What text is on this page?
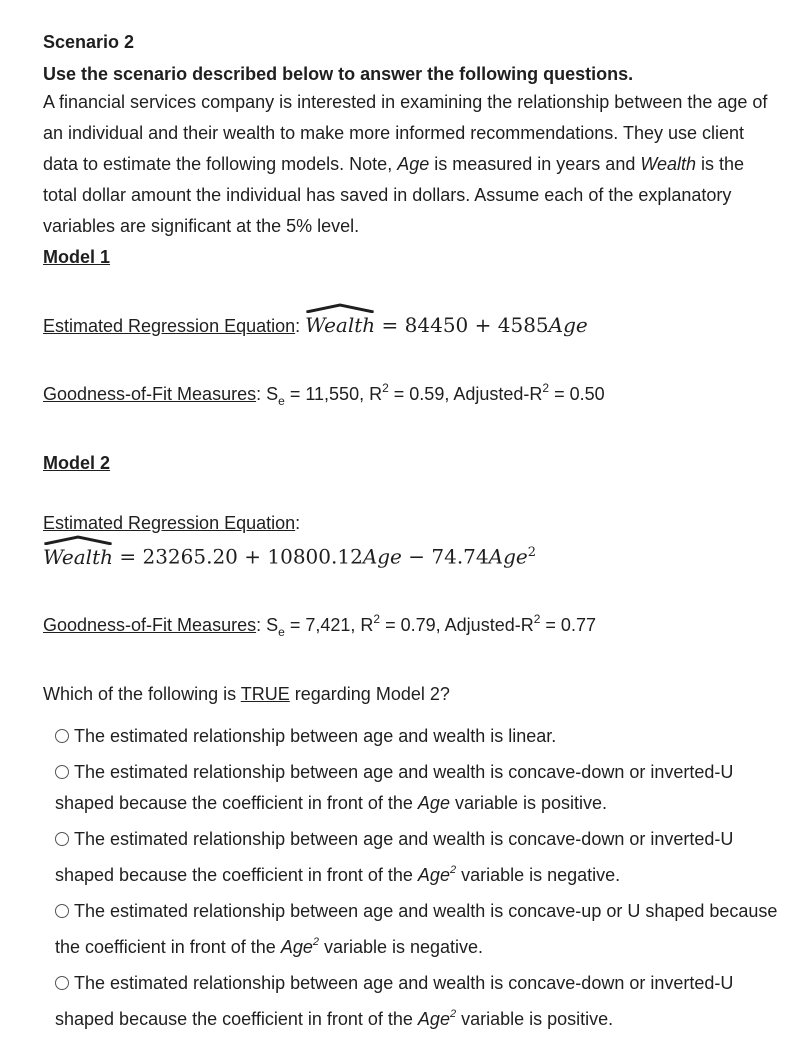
Scenario 2
Use the scenario described below to answer the following questions.
A financial services company is interested in examining the relationship between the age of an individual and their wealth to make more informed recommendations. They use client data to estimate the following models. Note, Age is measured in years and Wealth is the total dollar amount the individual has saved in dollars. Assume each of the explanatory variables are significant at the 5% level.
Model 1
Estimated Regression Equation: Wealth = 84450 + 4585Age
Goodness-of-Fit Measures: $S_e = 11,550$, $R^2 = 0.59$, Adjusted-$R^2 = 0.50$
Model 2
Estimated Regression Equation:
Wealth = 23265.20 + 10800.12Age − 74.74Age$^2$
Goodness-of-Fit Measures: $S_e = 7,421$, $R^2 = 0.79$, Adjusted-$R^2 = 0.77$
Which of the following is TRUE regarding Model 2?
The estimated relationship between age and wealth is linear.
The estimated relationship between age and wealth is concave-down or inverted-U shaped because the coefficient in front of the Age variable is positive.
The estimated relationship between age and wealth is concave-down or inverted-U shaped because the coefficient in front of the Age$^2$ variable is negative.
The estimated relationship between age and wealth is concave-up or U shaped because the coefficient in front of the Age$^2$ variable is negative.
The estimated relationship between age and wealth is concave-down or inverted-U shaped because the coefficient in front of the Age$^2$ variable is positive.
